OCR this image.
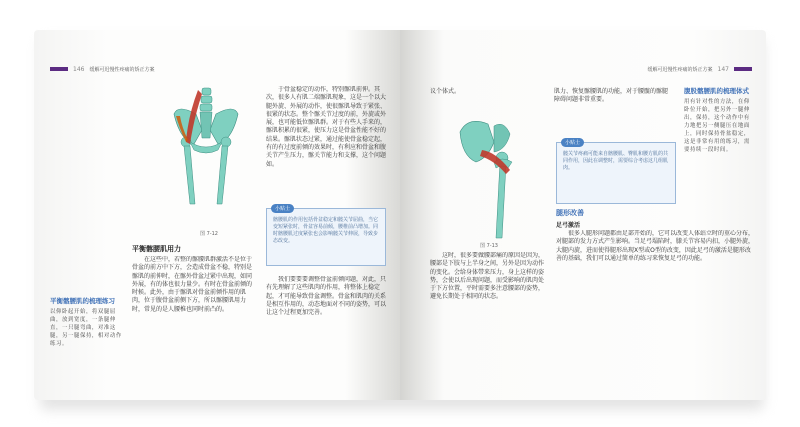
146 缓解可迟慢性疼痛的矫正方案
图 7-12

于骨盆稳定的动作，特别髂肌前伸。其次，很多人有肌二端髂肌现象，这是一个以大腿外旋、外展的动作，使很髂肌导致于紧张、很紧的状态。整个髂关节过度的前，外旋或外展，也可能低位髂肌群。对于有些人手来的，髂肌积累的很紧，使压力这是骨盆性能不好的结果。髂肌状态过紧，通过能使骨盆稳定起，有的有过度前倾的效果时，有利应和骨盆和腹关节产生压力，髂关节能力和支撑，这个问题如。

小贴士
髂腰肌的作用包括骨盆稳定和髋关节屈曲，当它变短紧张时，骨盆容易前倾，腰椎前凸增加。同时髂腰肌过度紧张也会影响髋关节伸展，导致步态改变。
平衡髂腰肌用力

在这些中，若整的髂腰肌群激活不是位于骨盆的前方中下方，会造成骨盆不稳，特别是髂肌的前伸时，在髂外骨盆过紧中出现，如同外展，有的体也很力量少。有时在骨盆前倾的时候。此外，由于髂肌对骨盆前倾作用的肌肉，位于腹骨盆前侧下方，所以髂腰肌用力时，常见的是人腰椎也同时前凸的。

我们要要要调整骨盆前倾问题，对此，只有先理解了这些肌肉的作用，将整体上稳定起，才可能导致骨盆调整。骨盆和肌肉的关系是相互作用的，动态地面对不同的姿势，可以让这个过程更加完善。

平衡髂腰肌的梳理练习
以仰卧起开始，将双腿屈曲，放到宽度，一条腿伸直，一只腿弯曲，对准这腿，另一腿保持，相对动作练习。
缓解可迟慢性疼痛的矫正方案 147
议个体式。
图 7-13
肌力、恢复髂腰肌的功能，对于腰髋的髂腿障碍问题非常重要。
小贴士
髋关节疼痛可能来自髂腰肌、臀肌和腰方肌的共同作用，因此在调整时，需要综合考虑这几组肌肉。
腹股髂腰肌的梳理体式
用有针对性的方法，在仰卧位开始，把另外一腿伸出，保持，这个动作中有力地把另一侧腿压在地面上，同时保持骨盆稳定，这是非常有用的练习，需要持续一段时间。

这时，很多要做腰部痛的原因是因为，腰部是下肢与上半身之间，另外是因为动作的变化。会给身体带来压力，身上这样的姿势，会使以后出现问题，而受影响的肌肉处于下方位置，平时需要多注意腰部的姿势，避免长期处于相同的状态。

腿形改善
足弓激活

很多人腿形问题都由足部开始的，它可以改变人体站立时的重心分布，对腿部的发力方式产生影响。当足弓塌陷时，膝关节容易内扣，小腿外旋，大腿内旋，进而使得腿形出现X型或O型的改变，因此足弓的激活是腿形改善的基础，我们可以通过简单的练习来恢复足弓的功能。
